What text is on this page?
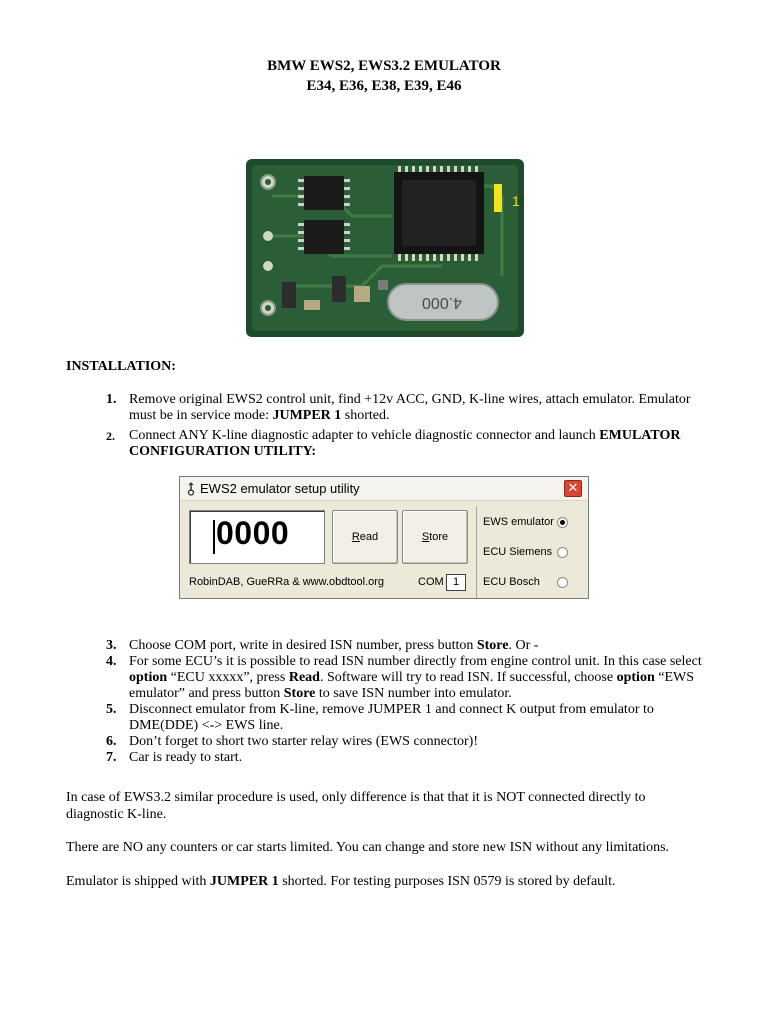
BMW EWS2, EWS3.2 EMULATOR
E34, E36, E38, E39, E46
1
4.000
INSTALLATION:
1. Remove original EWS2 control unit, find +12v ACC, GND, K-line wires, attach emulator. Emulator must be in service mode: JUMPER 1 shorted.
2. Connect ANY K-line diagnostic adapter to vehicle diagnostic connector and launch EMULATOR CONFIGURATION UTILITY:
EWS2 emulator setup utility	✕
0000	Read	Store
EWS emulator
ECU Siemens
ECU Bosch
RobinDAB, GueRRa & www.obdtool.org	COM 1
3. Choose COM port, write in desired ISN number, press button Store. Or -
4. For some ECU’s it is possible to read ISN number directly from engine control unit. In this case select option “ECU xxxxx”, press Read. Software will try to read ISN. If successful, choose option “EWS emulator” and press button Store to save ISN number into emulator.
5. Disconnect emulator from K-line, remove JUMPER 1 and connect K output from emulator to DME(DDE) <-> EWS line.
6. Don’t forget to short two starter relay wires (EWS connector)!
7. Car is ready to start.

In case of EWS3.2 similar procedure is used, only difference is that that it is NOT connected directly to diagnostic K-line.

There are NO any counters or car starts limited. You can change and store new ISN without any limitations.

Emulator is shipped with JUMPER 1 shorted. For testing purposes ISN 0579 is stored by default.
